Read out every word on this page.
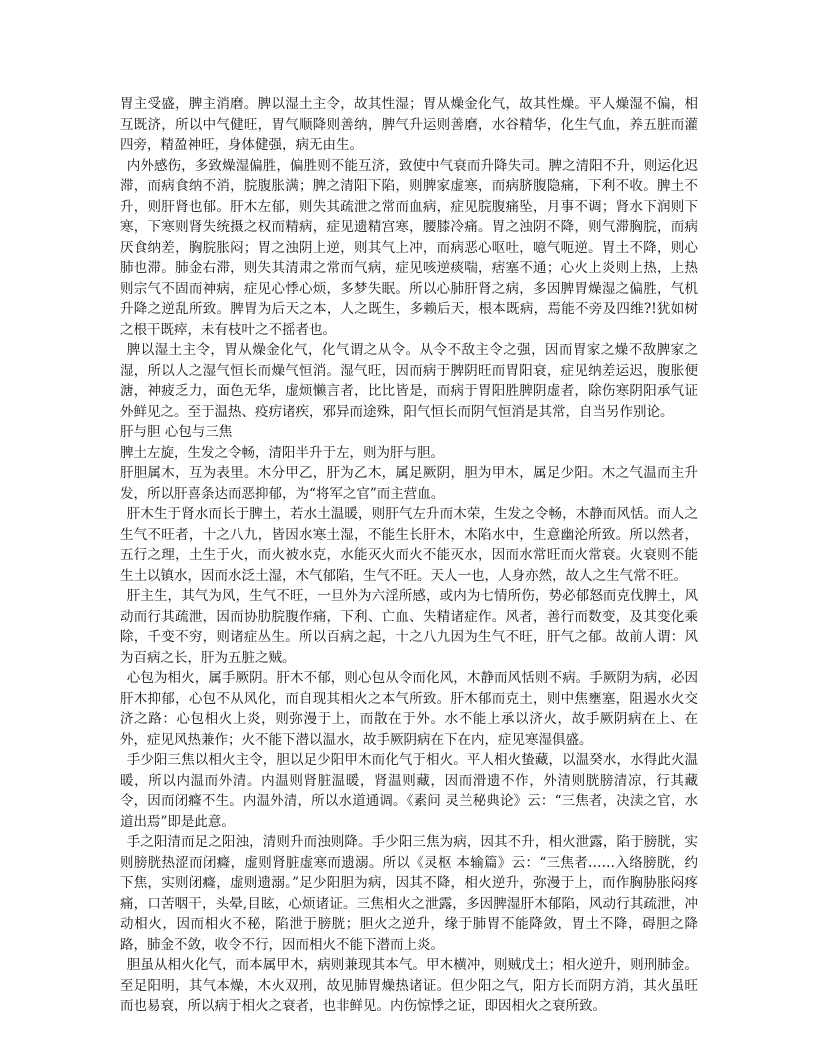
胃主受盛，脾主消磨。脾以湿土主令，故其性湿；胃从燥金化气，故其性燥。平人燥湿不偏，相互既济，所以中气健旺，胃气顺降则善纳，脾气升运则善磨，水谷精华，化生气血，养五脏而灌四旁，精盈神旺，身体健强，病无由生。

内外感伤，多致燥湿偏胜，偏胜则不能互济，致使中气衰而升降失司。脾之清阳不升，则运化迟滞，而病食纳不消，脘腹胀满；脾之清阳下陷，则脾家虚寒，而病脐腹隐痛，下利不收。脾土不升，则肝肾也郁。肝木左郁，则失其疏泄之常而血病，症见脘腹痛坠，月事不调；肾水下润则下寒，下寒则肾失统摄之权而精病，症见遗精宫寒，腰膝冷痛。胃之浊阴不降，则气滞胸脘，而病厌食纳差，胸脘胀闷；胃之浊阴上逆，则其气上冲，而病恶心呕吐，噫气呃逆。胃土不降，则心肺也滞。肺金右滞，则失其清肃之常而气病，症见咳逆痰喘，痞塞不通；心火上炎则上热，上热则宗气不固而神病，症见心悸心烦，多梦失眠。所以心肺肝肾之病，多因脾胃燥湿之偏胜，气机升降之逆乱所致。脾胃为后天之本，人之既生，多赖后天，根本既病，焉能不旁及四维?!犹如树之根干既瘁，未有枝叶之不摇者也。

脾以湿土主令，胃从燥金化气，化气谓之从令。从令不敌主令之强，因而胃家之燥不敌脾家之湿，所以人之湿气恒长而燥气恒消。湿气旺，因而病于脾阴旺而胃阳衰，症见纳差运迟，腹胀便溏，神疲乏力，面色无华，虚烦懒言者，比比皆是，而病于胃阳胜脾阴虚者，除伤寒阴阳承气证外鲜见之。至于温热、疫疠诸疾，邪异而途殊，阳气恒长而阴气恒消是其常，自当另作别论。

肝与胆 心包与三焦

脾土左旋，生发之令畅，清阳半升于左，则为肝与胆。

肝胆属木，互为表里。木分甲乙，肝为乙木，属足厥阴，胆为甲木，属足少阳。木之气温而主升发，所以肝喜条达而恶抑郁，为“将军之官”而主营血。

肝木生于肾水而长于脾土，若水土温暖，则肝气左升而木荣，生发之令畅，木静而风恬。而人之生气不旺者，十之八九，皆因水寒土湿，不能生长肝木，木陷水中，生意幽沦所致。所以然者，五行之理，土生于火，而火被水克，水能灭火而火不能灭水，因而水常旺而火常衰。火衰则不能生土以镇水，因而水泛土湿，木气郁陷，生气不旺。天人一也，人身亦然，故人之生气常不旺。

肝主生，其气为风，生气不旺，一旦外为六淫所感，或内为七情所伤，势必郁怒而克伐脾土，风动而行其疏泄，因而协肋脘腹作痛，下利、亡血、失精诸症作。风者，善行而数变，及其变化乘除，千变不穷，则诸症丛生。所以百病之起，十之八九因为生气不旺，肝气之郁。故前人谓：风为百病之长，肝为五脏之贼。

心包为相火，属手厥阴。肝木不郁，则心包从令而化风，木静而风恬则不病。手厥阴为病，必因肝木抑郁，心包不从风化，而自现其相火之本气所致。肝木郁而克土，则中焦壅塞，阻遏水火交济之路：心包相火上炎，则弥漫于上，而散在于外。水不能上承以济火，故手厥阴病在上、在外，症见风热兼作；火不能下潜以温水，故手厥阴病在下在内，症见寒湿俱盛。

手少阳三焦以相火主令，胆以足少阳甲木而化气于相火。平人相火蛰藏，以温癸水，水得此火温暖，所以内温而外清。内温则肾脏温暖，肾温则藏，因而滑遗不作，外清则胱膀清凉，行其藏令，因而闭癃不生。内温外清，所以水道通调。《素问 灵兰秘典论》云：“三焦者，决渎之官，水道出焉”即是此意。

手之阳清而足之阳浊，清则升而浊则降。手少阳三焦为病，因其不升，相火泄露，陷于膀胱，实则膀胱热涩而闭癃，虚则肾脏虚寒而遗溺。所以《灵枢 本输篇》云：“三焦者……入络膀胱，约下焦，实则闭癃，虚则遗溺。”足少阳胆为病，因其不降，相火逆升，弥漫于上，而作胸胁胀闷疼痛，口苦咽干，头晕,目眩，心烦诸证。三焦相火之泄露，多因脾湿肝木郁陷，风动行其疏泄，冲动相火，因而相火不秘，陷泄于膀胱；胆火之逆升，缘于肺胃不能降敛，胃土不降，碍胆之降路，肺金不敛，收令不行，因而相火不能下潜而上炎。

胆虽从相火化气，而本属甲木，病则兼现其本气。甲木横冲，则贼戊土；相火逆升，则刑肺金。至足阳明，其气本燥，木火双刑，故见肺胃燥热诸证。但少阳之气，阳方长而阴方消，其火虽旺而也易衰，所以病于相火之衰者，也非鲜见。内伤惊悸之证，即因相火之衰所致。
